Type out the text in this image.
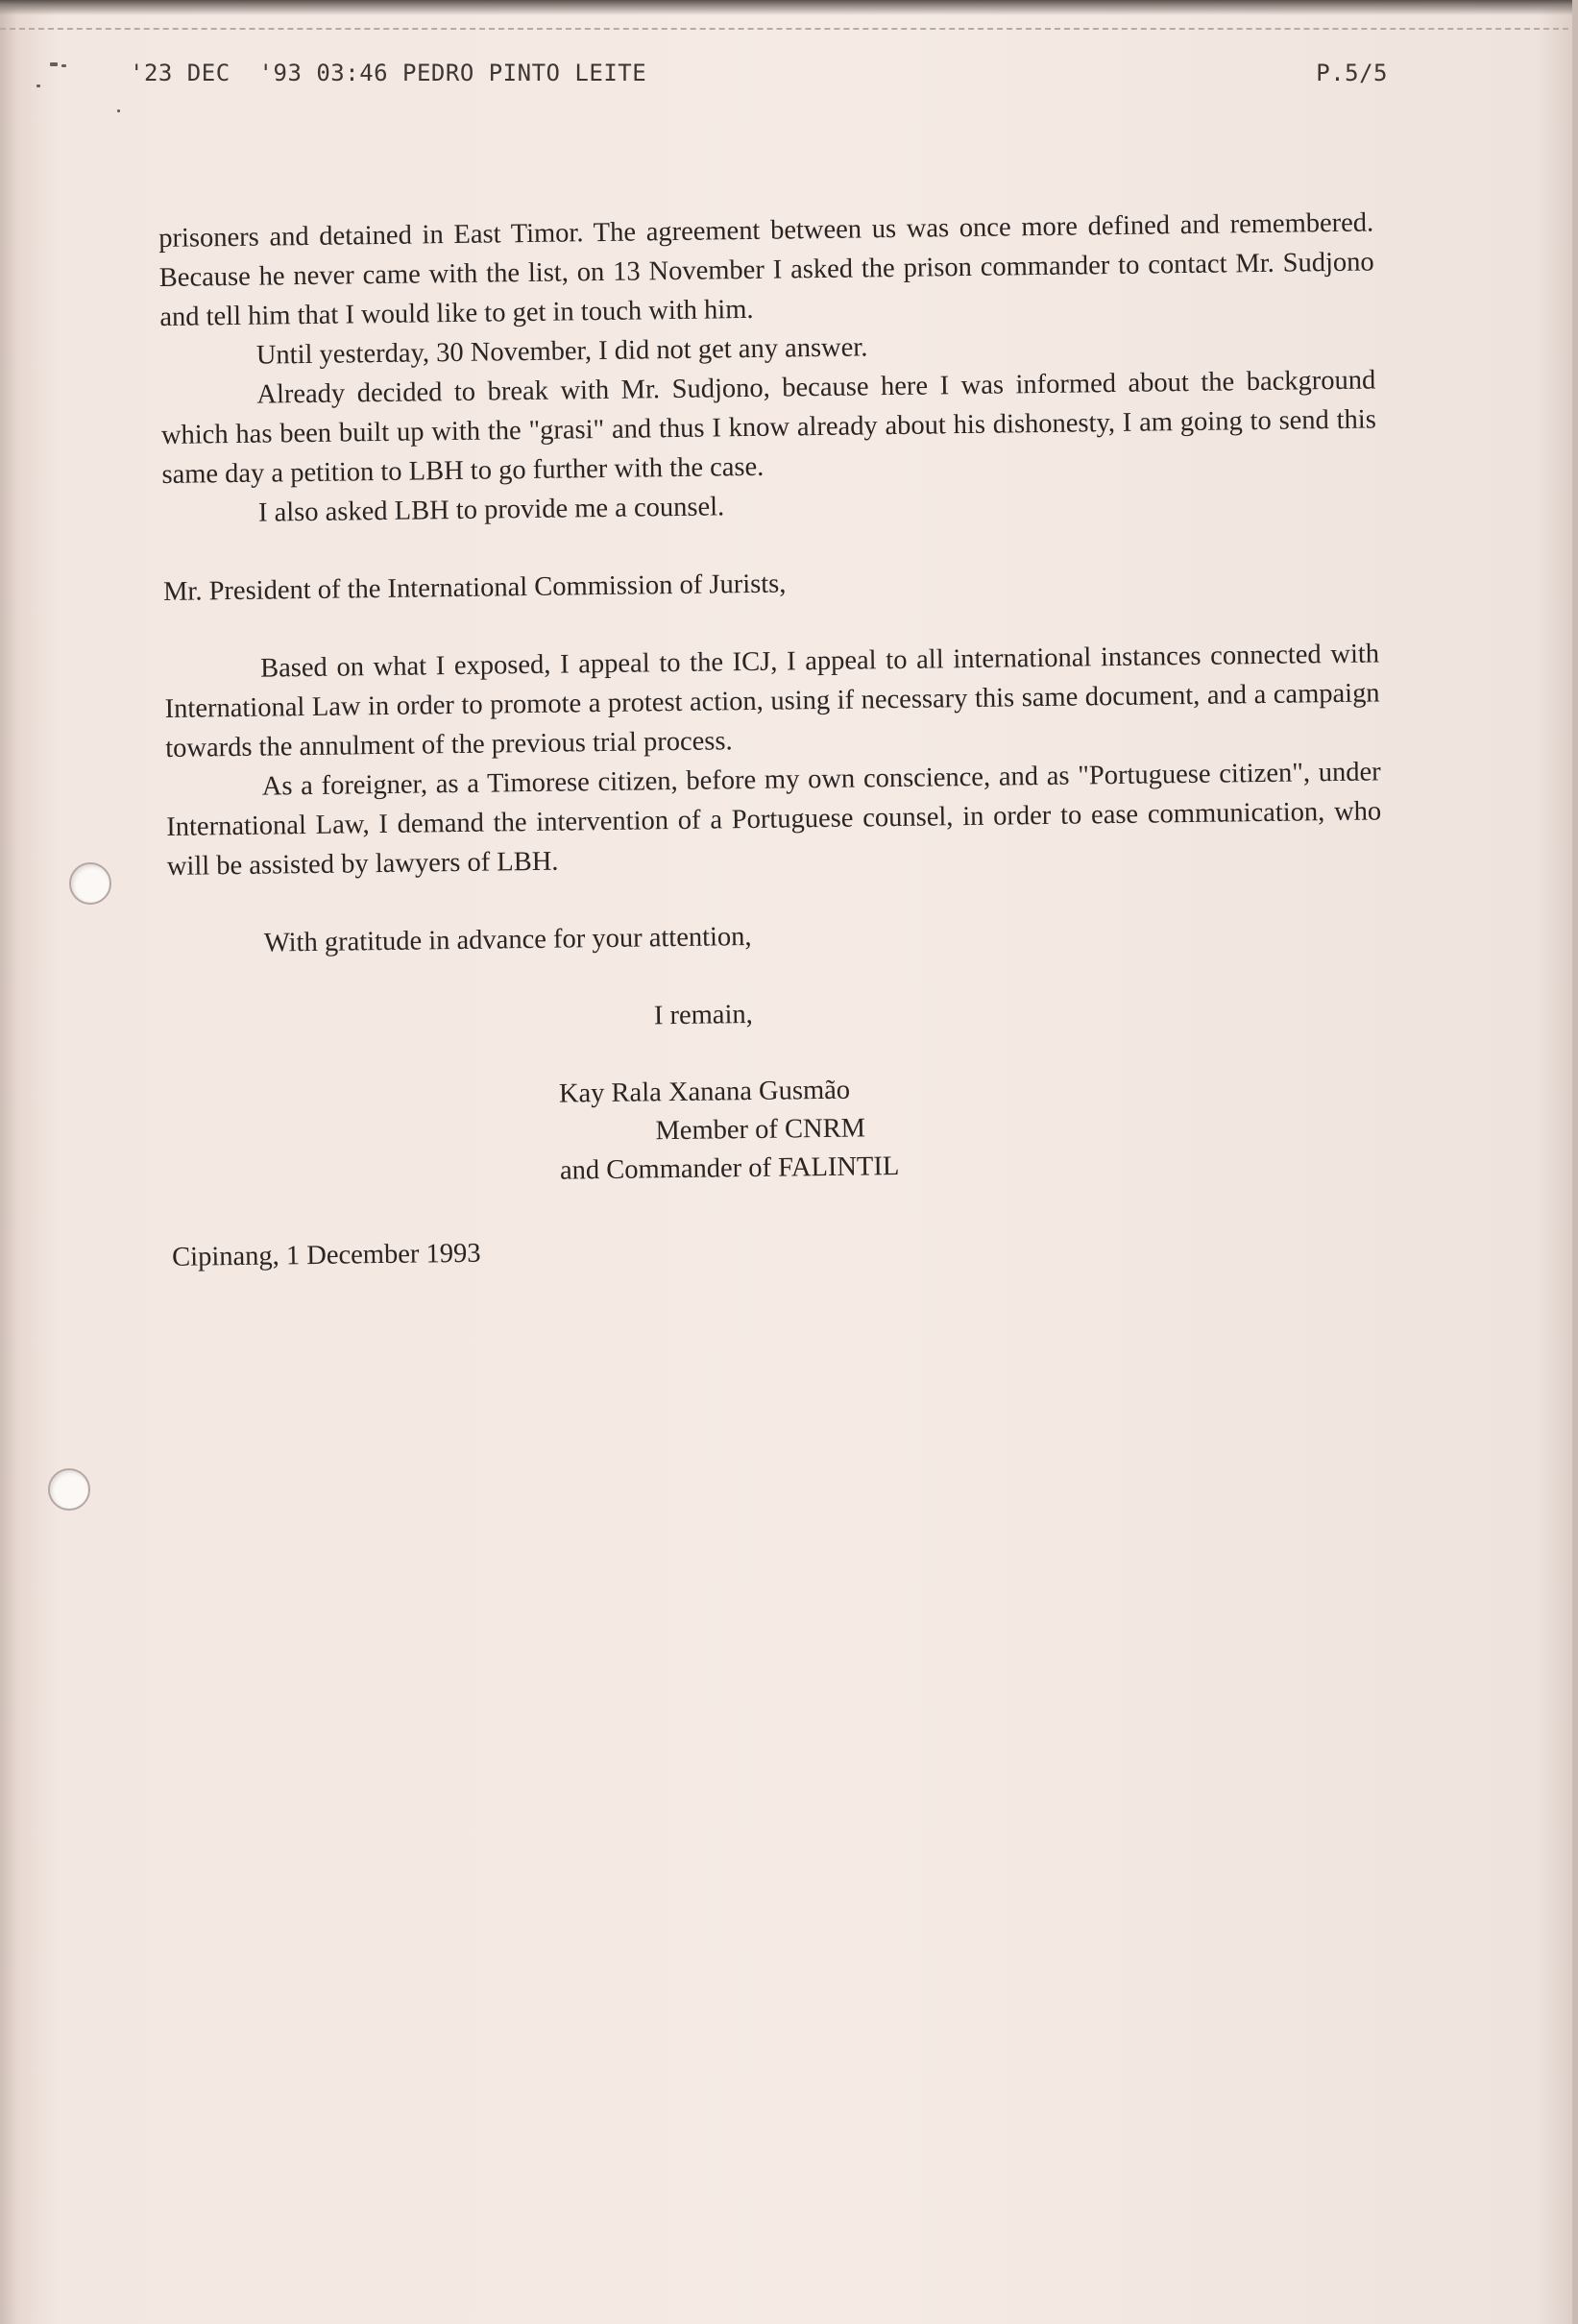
'23 DEC  '93 03:46 PEDRO PINTO LEITE	P.5/5

prisoners and detained in East Timor. The agreement between us was once more defined and remembered. Because he never came with the list, on 13 November I asked the prison commander to contact Mr. Sudjono and tell him that I would like to get in touch with him.

Until yesterday, 30 November, I did not get any answer.

Already decided to break with Mr. Sudjono, because here I was informed about the background which has been built up with the "grasi" and thus I know already about his dishonesty, I am going to send this same day a petition to LBH to go further with the case.

I also asked LBH to provide me a counsel.

Mr. President of the International Commission of Jurists,

Based on what I exposed, I appeal to the ICJ, I appeal to all international instances connected with International Law in order to promote a protest action, using if necessary this same document, and a campaign towards the annulment of the previous trial process.

As a foreigner, as a Timorese citizen, before my own conscience, and as "Portuguese citizen", under International Law, I demand the intervention of a Portuguese counsel, in order to ease communication, who will be assisted by lawyers of LBH.

With gratitude in advance for your attention,
I remain,
Kay Rala Xanana Gusmão
Member of CNRM
and Commander of FALINTIL
Cipinang, 1 December 1993
